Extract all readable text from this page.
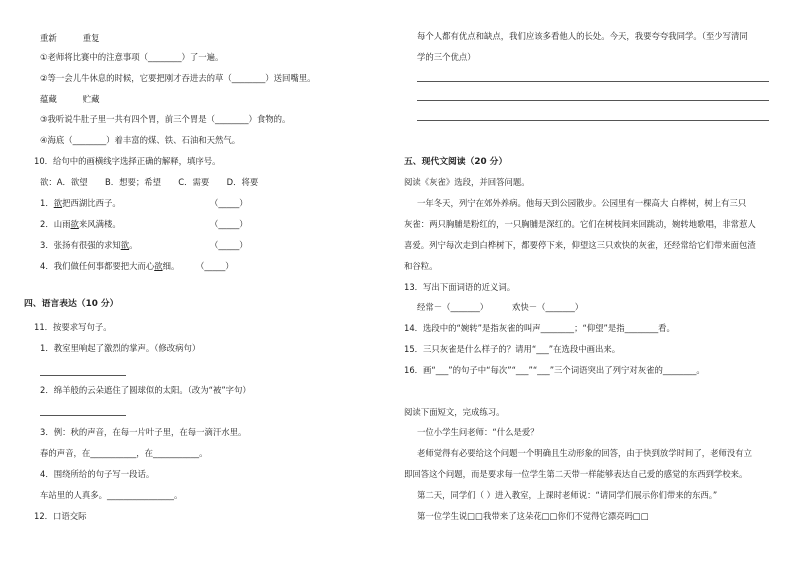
重新	重复
①老师将比赛中的注意事项（________）了一遍。
②等一会儿牛休息的时候，它要把刚才吞进去的草（________）送回嘴里。
蕴藏	贮藏
③我听说牛肚子里一共有四个胃，前三个胃是（________）食物的。
④海底（________）着丰富的煤、铁、石油和天然气。
10．给句中的画横线字选择正确的解释，填序号。
欲：A．欲望 B．想要；希望 C．需要 D．将要
1．欲把西湖比西子。	（_____）
2．山雨欲来风满楼。	（_____）
3．张扬有很强的求知欲。	（_____）
4．我们做任何事都要把大而心欲细。 （_____）
四、语言表达（10 分）
11．按要求写句子。
1．教室里响起了激烈的掌声。（修改病句）
2．绵羊般的云朵遮住了圆球似的太阳。（改为“被”字句）
3．例：秋的声音，在每一片叶子里，在每一滴汗水里。
春的声音，在___________，在___________。
4．围绕所给的句子写一段话。
车站里的人真多。________________。
12．口语交际
每个人都有优点和缺点，我们应该多看他人的长处。今天，我要夸夸我同学。（至少写清同
学的三个优点）
五、现代文阅读（20 分）
阅读《灰雀》选段，并回答问题。
一年冬天，列宁在郊外养病。他每天到公园散步。公园里有一棵高大 白桦树，树上有三只
灰雀：两只胸脯是粉红的，一只胸脯是深红的。它们在树枝间来回跳动，婉转地歌唱，非常惹人
喜爱。列宁每次走到白桦树下，都要停下来，仰望这三只欢快的灰雀，还经常给它们带来面包渣
和谷粒。
13．写出下面词语的近义词。
经常－（_______）	欢快－（_______）
14．选段中的“婉转”是指灰雀的叫声________；“仰望”是指________看。
15．三只灰雀是什么样子的？请用“___”在选段中画出来。
16．画“___”的句子中“每次”“___”“___”三个词语突出了列宁对灰雀的________。
阅读下面短文，完成练习。
一位小学生问老师：“什么是爱？
老师觉得有必要给这个问题一个明确且生动形象的回答，由于快到放学时间了，老师没有立
即回答这个问题，而是要求每一位学生第二天带一样能够表达自己爱的感觉的东西到学校来。
第二天，同学们（ ）进入教室，上课时老师说：“请同学们展示你们带来的东西。”
第一位学生说□□我带来了这朵花□□你们不觉得它漂亮吗□□
